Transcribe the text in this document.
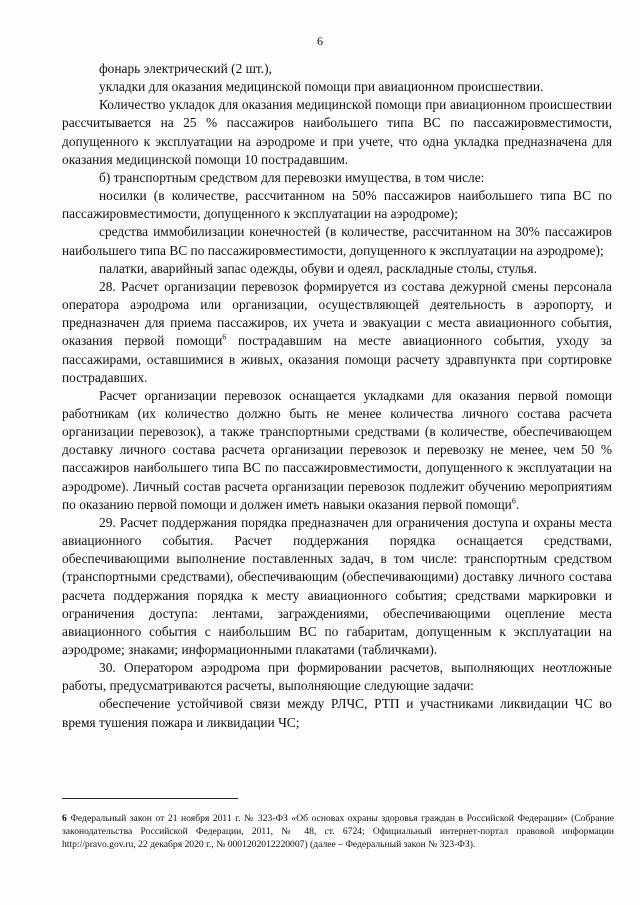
6

фонарь электрический (2 шт.),

укладки для оказания медицинской помощи при авиационном происшествии.

Количество укладок для оказания медицинской помощи при авиационном происшествии рассчитывается на 25 % пассажиров наибольшего типа ВС по пассажировместимости, допущенного к эксплуатации на аэродроме и при учете, что одна укладка предназначена для оказания медицинской помощи 10 пострадавшим.

б) транспортным средством для перевозки имущества, в том числе:

носилки (в количестве, рассчитанном на 50% пассажиров наибольшего типа ВС по пассажировместимости, допущенного к эксплуатации на аэродроме);

средства иммобилизации конечностей (в количестве, рассчитанном на 30% пассажиров наибольшего типа ВС по пассажировместимости, допущенного к эксплуатации на аэродроме);

палатки, аварийный запас одежды, обуви и одеял, раскладные столы, стулья.

28. Расчет организации перевозок формируется из состава дежурной смены персонала оператора аэродрома или организации, осуществляющей деятельность в аэропорту, и предназначен для приема пассажиров, их учета и эвакуации с места авиационного события, оказания первой помощи$^6$ пострадавшим на месте авиационного события, уходу за пассажирами, оставшимися в живых, оказания помощи расчету здравпункта при сортировке пострадавших.

Расчет организации перевозок оснащается укладками для оказания первой помощи работникам (их количество должно быть не менее количества личного состава расчета организации перевозок), а также транспортными средствами (в количестве, обеспечивающем доставку личного состава расчета организации перевозок и перевозку не менее, чем 50 % пассажиров наибольшего типа ВС по пассажировместимости, допущенного к эксплуатации на аэродроме). Личный состав расчета организации перевозок подлежит обучению мероприятиям по оказанию первой помощи и должен иметь навыки оказания первой помощи$^6$.

29. Расчет поддержания порядка предназначен для ограничения доступа и охраны места авиационного события. Расчет поддержания порядка оснащается средствами, обеспечивающими выполнение поставленных задач, в том числе: транспортным средством (транспортными средствами), обеспечивающим (обеспечивающими) доставку личного состава расчета поддержания порядка к месту авиационного события; средствами маркировки и ограничения доступа: лентами, заграждениями, обеспечивающими оцепление места авиационного события с наибольшим ВС по габаритам, допущенным к эксплуатации на аэродроме; знаками; информационными плакатами (табличками).

30. Оператором аэродрома при формировании расчетов, выполняющих неотложные работы, предусматриваются расчеты, выполняющие следующие задачи:

обеспечение устойчивой связи между РЛЧС, РТП и участниками ликвидации ЧС во время тушения пожара и ликвидации ЧС;

6 Федеральный закон от 21 ноября 2011 г. № 323-ФЗ «Об основах охраны здоровья граждан в Российской Федерации» (Собрание законодательства Российской Федерации, 2011, № 48, ст. 6724; Официальный интернет-портал правовой информации http://pravo.gov.ru, 22 декабря 2020 г., № 0001202012220007) (далее – Федеральный закон № 323-ФЗ).
